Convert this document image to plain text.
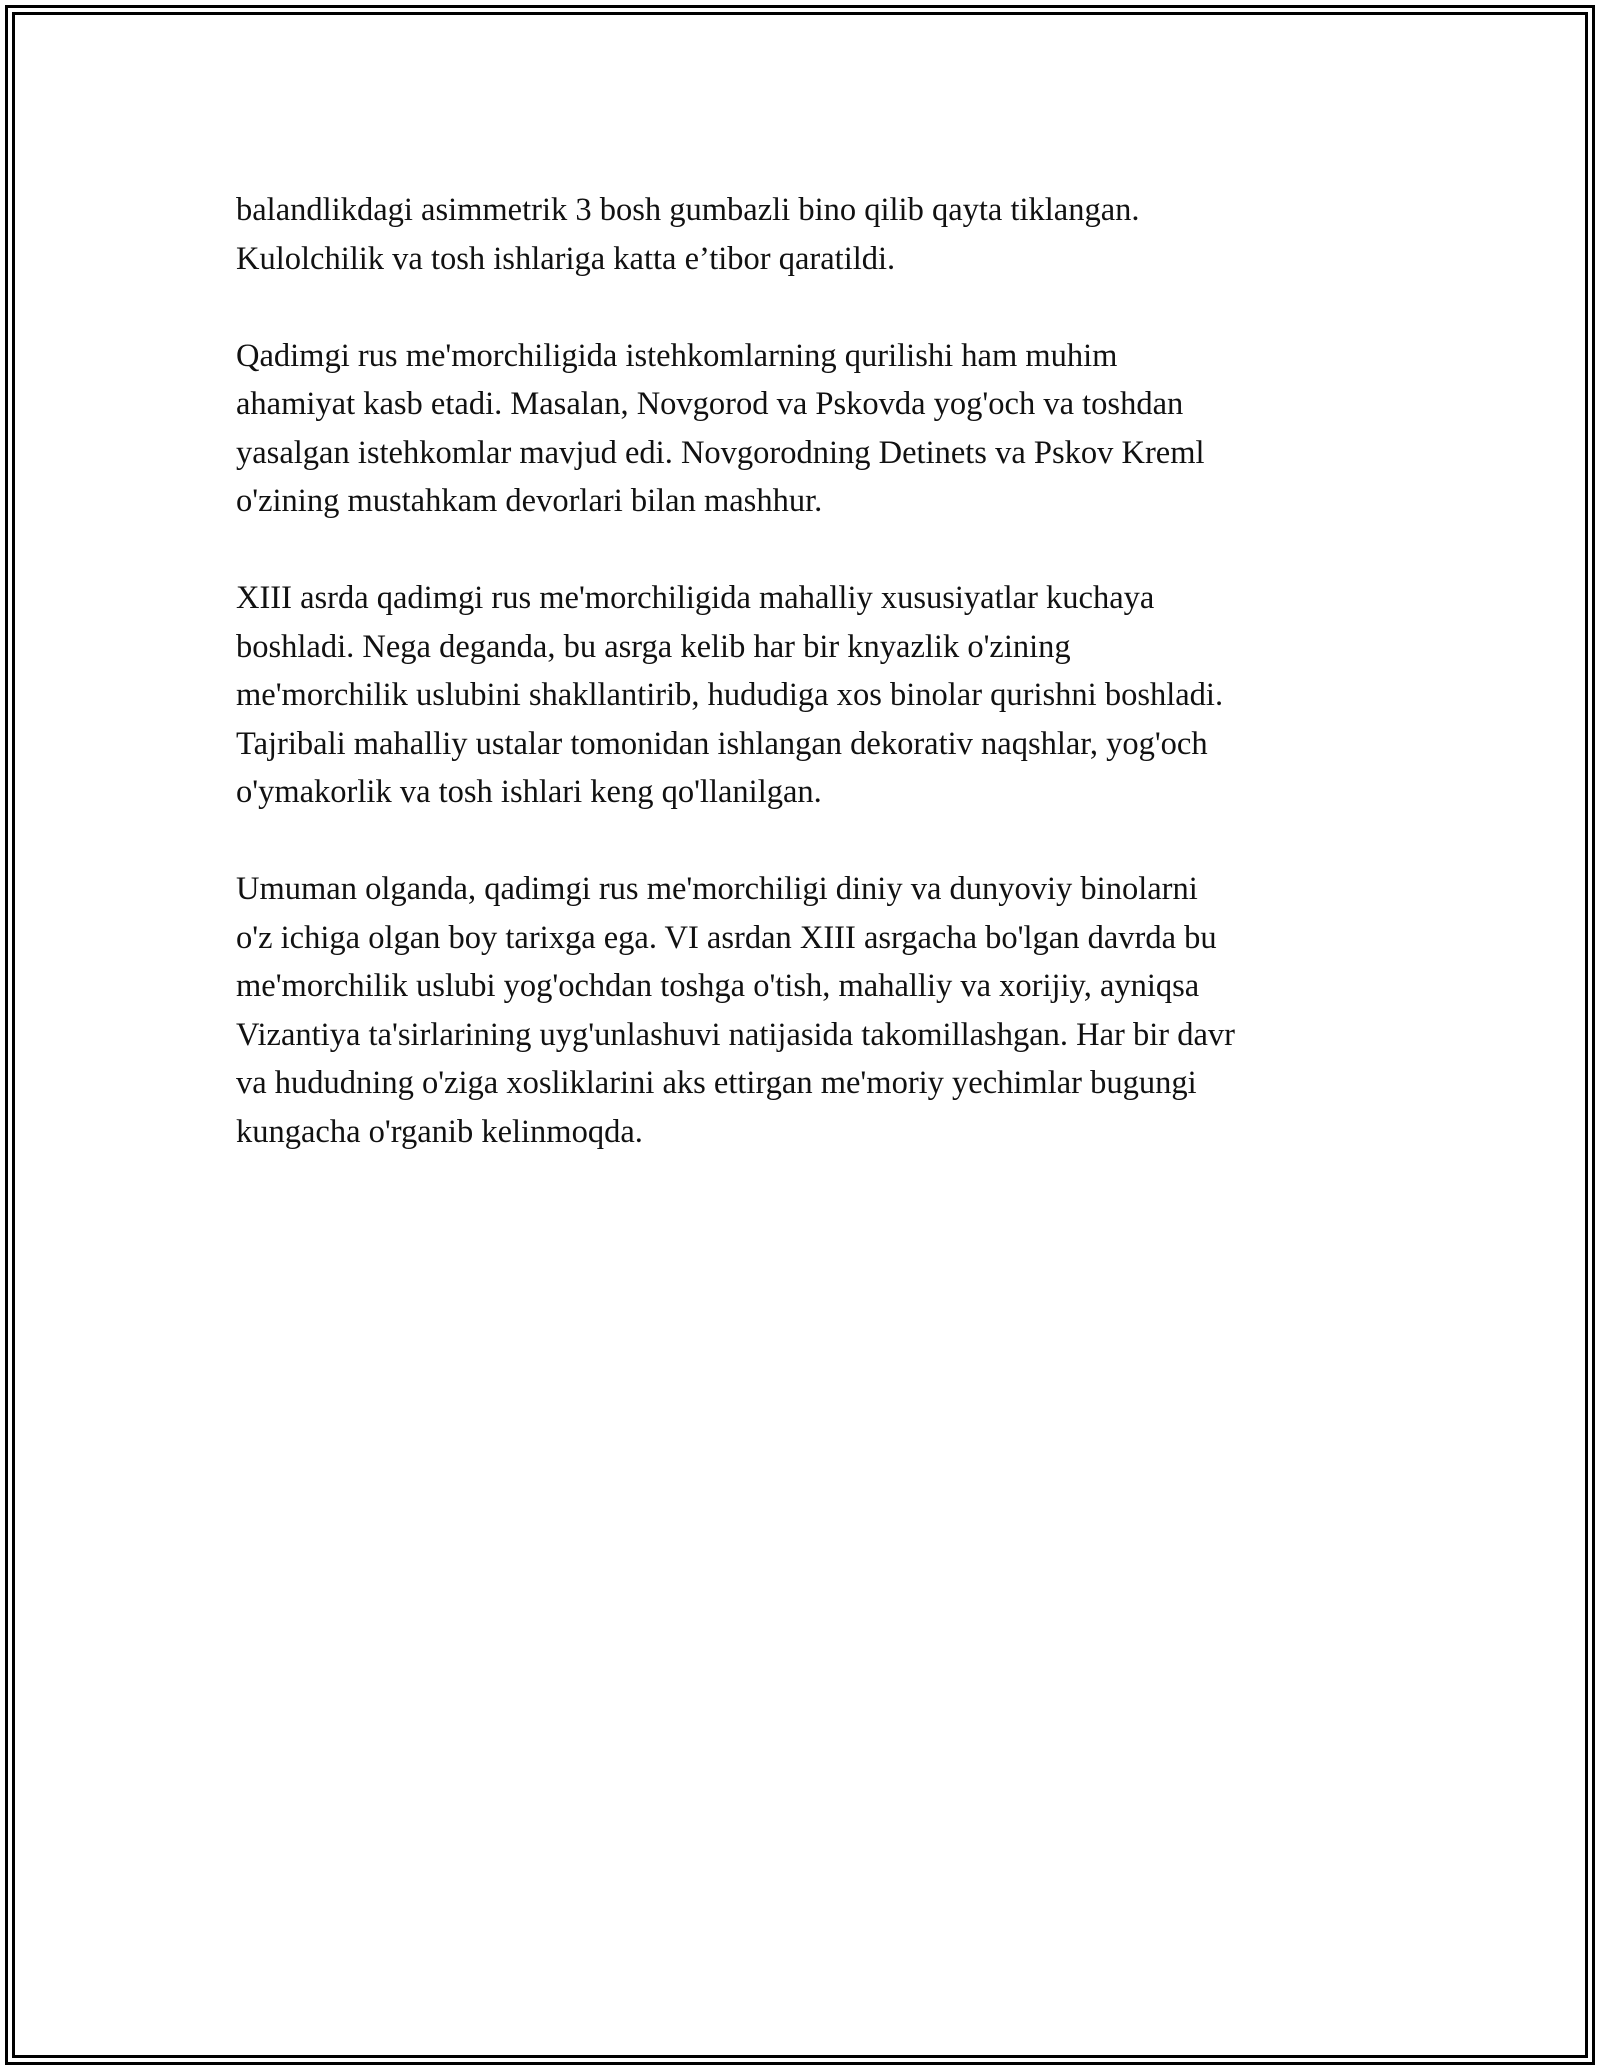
balandlikdagi asimmetrik 3 bosh gumbazli bino qilib qayta tiklangan.
Kulolchilik va tosh ishlariga katta e’tibor qaratildi.

Qadimgi rus me'morchiligida istehkomlarning qurilishi ham muhim
ahamiyat kasb etadi. Masalan, Novgorod va Pskovda yog'och va toshdan
yasalgan istehkomlar mavjud edi. Novgorodning Detinets va Pskov Kreml
o'zining mustahkam devorlari bilan mashhur.

XIII asrda qadimgi rus me'morchiligida mahalliy xususiyatlar kuchaya
boshladi. Nega deganda, bu asrga kelib har bir knyazlik o'zining
me'morchilik uslubini shakllantirib, hududiga xos binolar qurishni boshladi.
Tajribali mahalliy ustalar tomonidan ishlangan dekorativ naqshlar, yog'och
o'ymakorlik va tosh ishlari keng qo'llanilgan.

Umuman olganda, qadimgi rus me'morchiligi diniy va dunyoviy binolarni
o'z ichiga olgan boy tarixga ega. VI asrdan XIII asrgacha bo'lgan davrda bu
me'morchilik uslubi yog'ochdan toshga o'tish, mahalliy va xorijiy, ayniqsa
Vizantiya ta'sirlarining uyg'unlashuvi natijasida takomillashgan. Har bir davr
va hududning o'ziga xosliklarini aks ettirgan me'moriy yechimlar bugungi
kungacha o'rganib kelinmoqda.
